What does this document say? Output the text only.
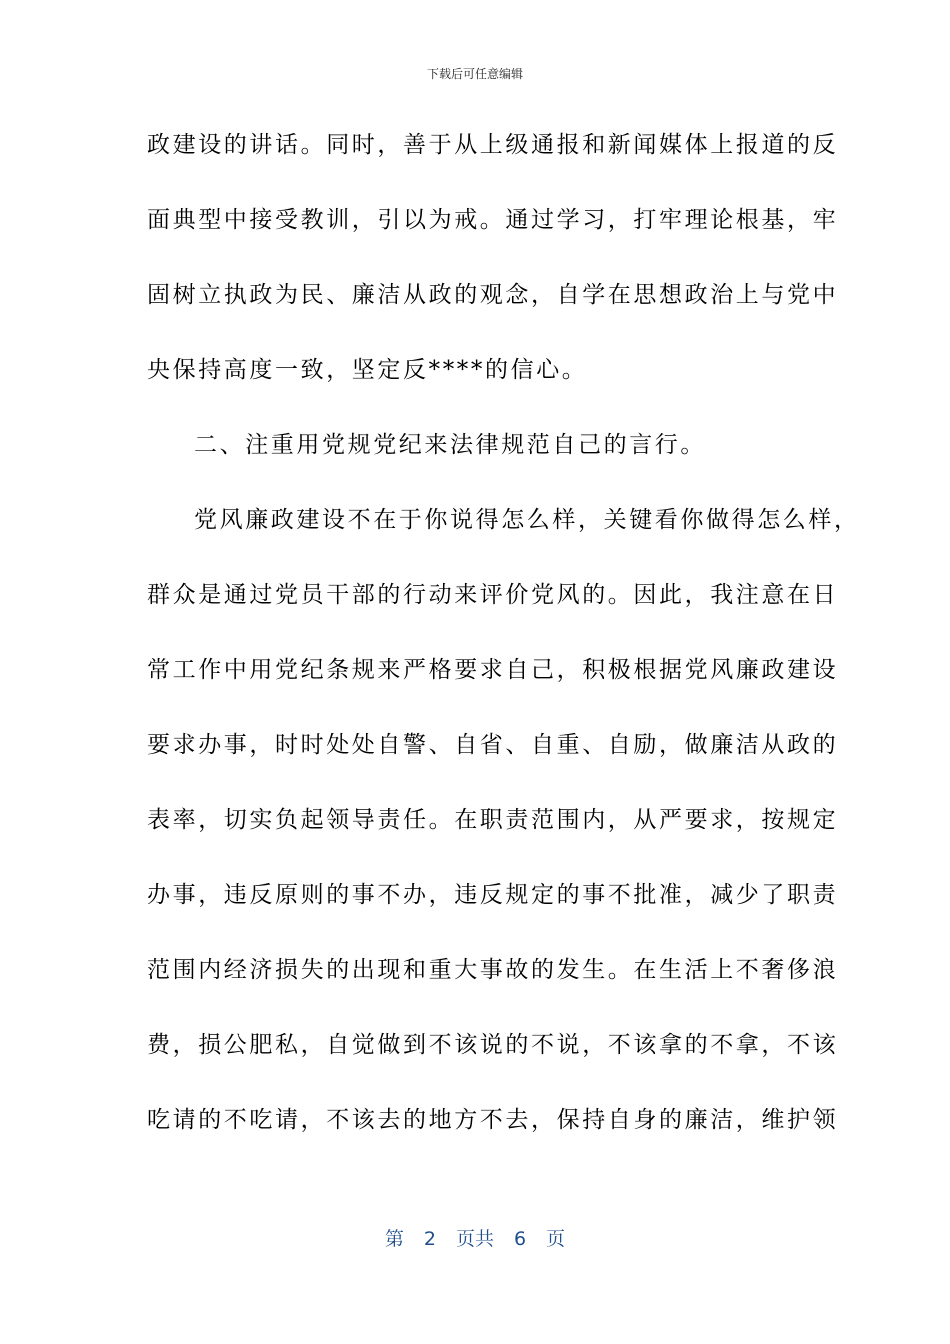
下载后可任意编辑
政建设的讲话。同时，善于从上级通报和新闻媒体上报道的反
面典型中接受教训，引以为戒。通过学习，打牢理论根基，牢
固树立执政为民、廉洁从政的观念，自学在思想政治上与党中
央保持高度一致，坚定反****的信心。
二、注重用党规党纪来法律规范自己的言行。
党风廉政建设不在于你说得怎么样，关键看你做得怎么样，
群众是通过党员干部的行动来评价党风的。因此，我注意在日
常工作中用党纪条规来严格要求自己，积极根据党风廉政建设
要求办事，时时处处自警、自省、自重、自励，做廉洁从政的
表率，切实负起领导责任。在职责范围内，从严要求，按规定
办事，违反原则的事不办，违反规定的事不批准，减少了职责
范围内经济损失的出现和重大事故的发生。在生活上不奢侈浪
费，损公肥私，自觉做到不该说的不说，不该拿的不拿，不该
吃请的不吃请，不该去的地方不去，保持自身的廉洁，维护领
第 2 页共 6 页
